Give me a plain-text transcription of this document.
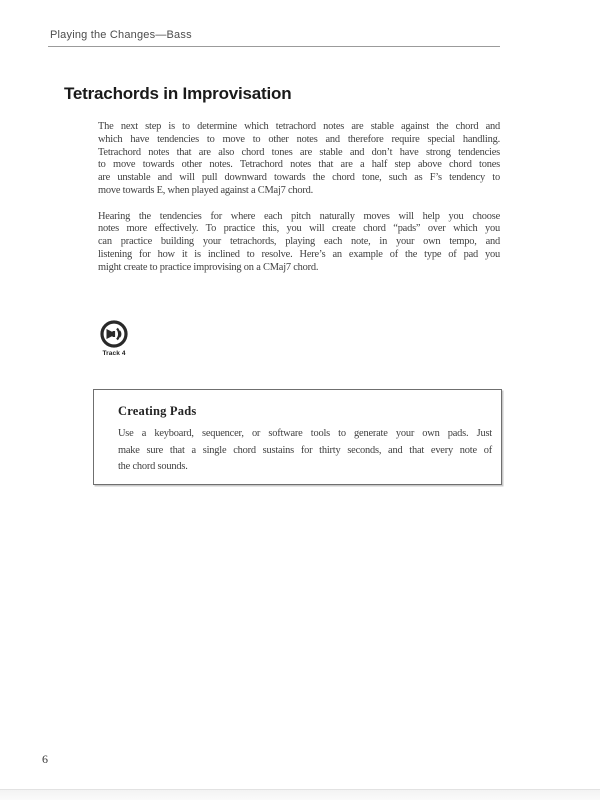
Playing the Changes—Bass
Tetrachords in Improvisation
The next step is to determine which tetrachord notes are stable against the chord and
which have tendencies to move to other notes and therefore require special handling.
Tetrachord notes that are also chord tones are stable and don’t have strong tendencies
to move towards other notes. Tetrachord notes that are a half step above chord tones
are unstable and will pull downward towards the chord tone, such as F’s tendency to
move towards E, when played against a CMaj7 chord.
Hearing the tendencies for where each pitch naturally moves will help you choose
notes more effectively. To practice this, you will create chord “pads” over which you
can practice building your tetrachords, playing each note, in your own tempo, and
listening for how it is inclined to resolve. Here’s an example of the type of pad you
might create to practice improvising on a CMaj7 chord.
Track 4
Creating Pads
Use a keyboard, sequencer, or software tools to generate your own pads. Just
make sure that a single chord sustains for thirty seconds, and that every note of
the chord sounds.
6
